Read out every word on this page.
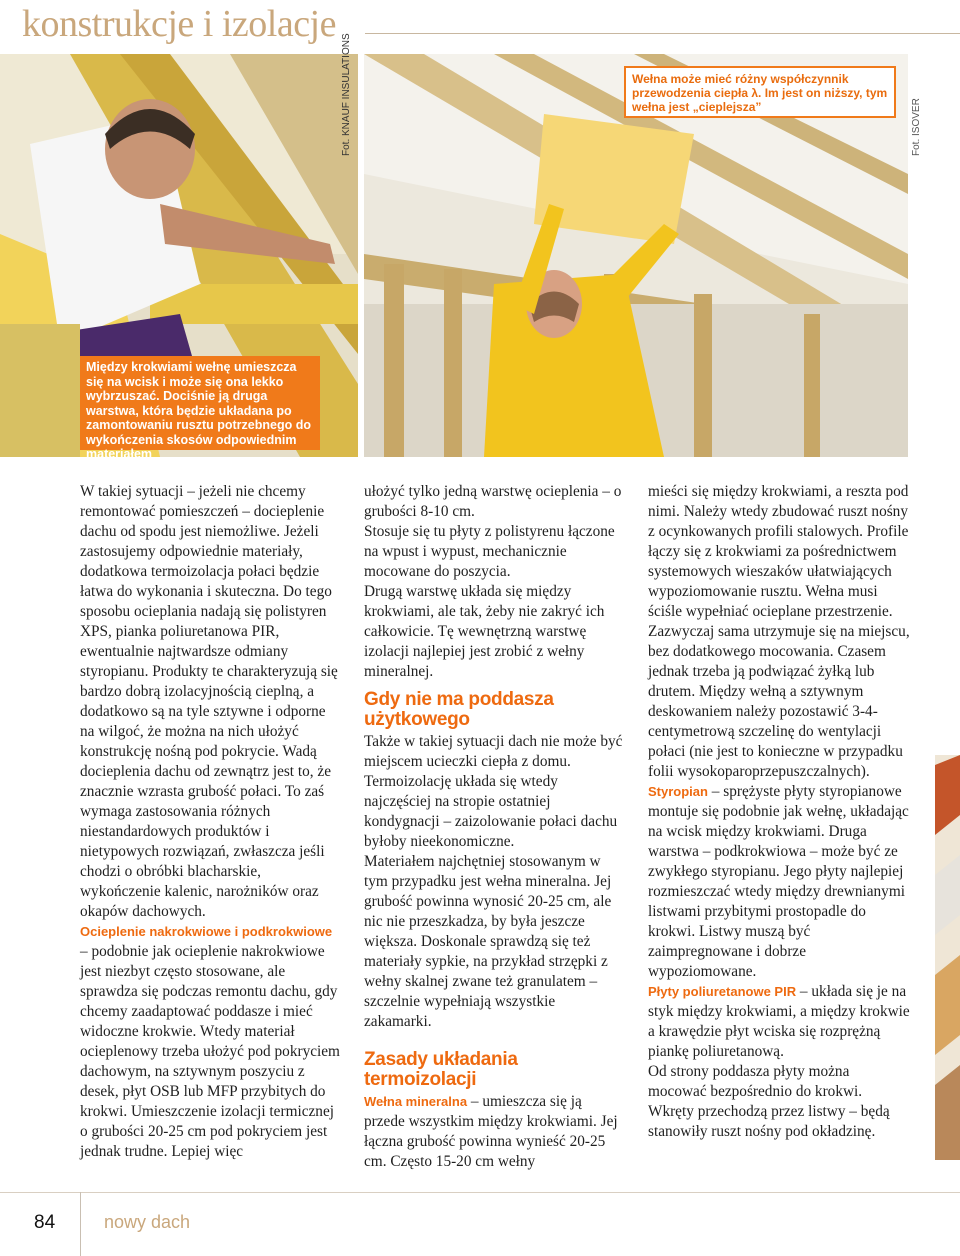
konstrukcje i izolacje
Fot. KNAUF INSULATIONS
Między krokwiami wełnę umieszcza się na wcisk i może się ona lekko wybrzuszać. Dociśnie ją druga warstwa, która będzie układana po zamontowaniu rusztu potrzebnego do wykończenia skosów odpowiednim materiałem
Wełna może mieć różny współczynnik przewodzenia ciepła λ. Im jest on niższy, tym wełna jest „cieplejsza”	Fot. ISOVER

W takiej sytuacji – jeżeli nie chcemy remontować pomieszczeń – docieplenie dachu od spodu jest niemożliwe. Jeżeli zastosujemy odpowiednie materiały, dodatkowa termoizolacja połaci będzie łatwa do wykonania i skuteczna. Do tego sposobu ocieplania nadają się polistyren XPS, pianka poliuretanowa PIR, ewentualnie najtwardsze odmiany styropianu. Produkty te charakteryzują się bardzo dobrą izolacyjnością cieplną, a dodatkowo są na tyle sztywne i odporne na wilgoć, że można na nich ułożyć konstrukcję nośną pod pokrycie. Wadą docieplenia dachu od zewnątrz jest to, że znacznie wzrasta grubość połaci. To zaś wymaga zastosowania różnych niestandardowych produktów i nietypowych rozwiązań, zwłaszcza jeśli chodzi o obróbki blacharskie, wykończenie kalenic, narożników oraz okapów dachowych.

Ocieplenie nakrokwiowe i podkrokwiowe – podobnie jak ocieplenie nakrokwiowe jest niezbyt często stosowane, ale sprawdza się podczas remontu dachu, gdy chcemy zaadaptować poddasze i mieć widoczne krokwie. Wtedy materiał ocieplenowy trzeba ułożyć pod pokryciem dachowym, na sztywnym poszyciu z desek, płyt OSB lub MFP przybitych do krokwi. Umieszczenie izolacji termicznej o grubości 20-25 cm pod pokryciem jest jednak trudne. Lepiej więc

ułożyć tylko jedną warstwę ocieplenia – o grubości 8-10 cm.

Stosuje się tu płyty z polistyrenu łączone na wpust i wypust, mechanicznie mocowane do poszycia.

Drugą warstwę układa się między krokwiami, ale tak, żeby nie zakryć ich całkowicie. Tę wewnętrzną warstwę izolacji najlepiej jest zrobić z wełny mineralnej.

Gdy nie ma poddasza użytkowego

Także w takiej sytuacji dach nie może być miejscem ucieczki ciepła z domu. Termoizolację układa się wtedy najczęściej na stropie ostatniej kondygnacji – zaizolowanie połaci dachu byłoby nieekonomiczne.

Materiałem najchętniej stosowanym w tym przypadku jest wełna mineralna. Jej grubość powinna wynosić 20-25 cm, ale nic nie przeszkadza, by była jeszcze większa. Doskonale sprawdzą się też materiały sypkie, na przykład strzępki z wełny skalnej zwane też granulatem – szczelnie wypełniają wszystkie zakamarki.

Zasady układania termoizolacji

Wełna mineralna – umieszcza się ją przede wszystkim między krokwiami. Jej łączna grubość powinna wynieść 20-25 cm. Często 15-20 cm wełny

mieści się między krokwiami, a reszta pod nimi. Należy wtedy zbudować ruszt nośny z ocynkowanych profili stalowych. Profile łączy się z krokwiami za pośrednictwem systemowych wieszaków ułatwiających wypoziomowanie rusztu. Wełna musi ściśle wypełniać ocieplane przestrzenie. Zazwyczaj sama utrzymuje się na miejscu, bez dodatkowego mocowania. Czasem jednak trzeba ją podwiązać żyłką lub drutem. Między wełną a sztywnym deskowaniem należy pozostawić 3-4-centymetrową szczelinę do wentylacji połaci (nie jest to konieczne w przypadku folii wysokoparoprzepuszczalnych).

Styropian – sprężyste płyty styropianowe montuje się podobnie jak wełnę, układając na wcisk między krokwiami. Druga warstwa – podkrokwiowa – może być ze zwykłego styropianu. Jego płyty najlepiej rozmieszczać wtedy między drewnianymi listwami przybitymi prostopadle do krokwi. Listwy muszą być zaimpregnowane i dobrze wypoziomowane.

Płyty poliuretanowe PIR – układa się je na styk między krokwiami, a między krokwie a krawędzie płyt wciska się rozprężną piankę poliuretanową.

Od strony poddasza płyty można mocować bezpośrednio do krokwi. Wkręty przechodzą przez listwy – będą stanowiły ruszt nośny pod okładzinę.

84	nowy dach
